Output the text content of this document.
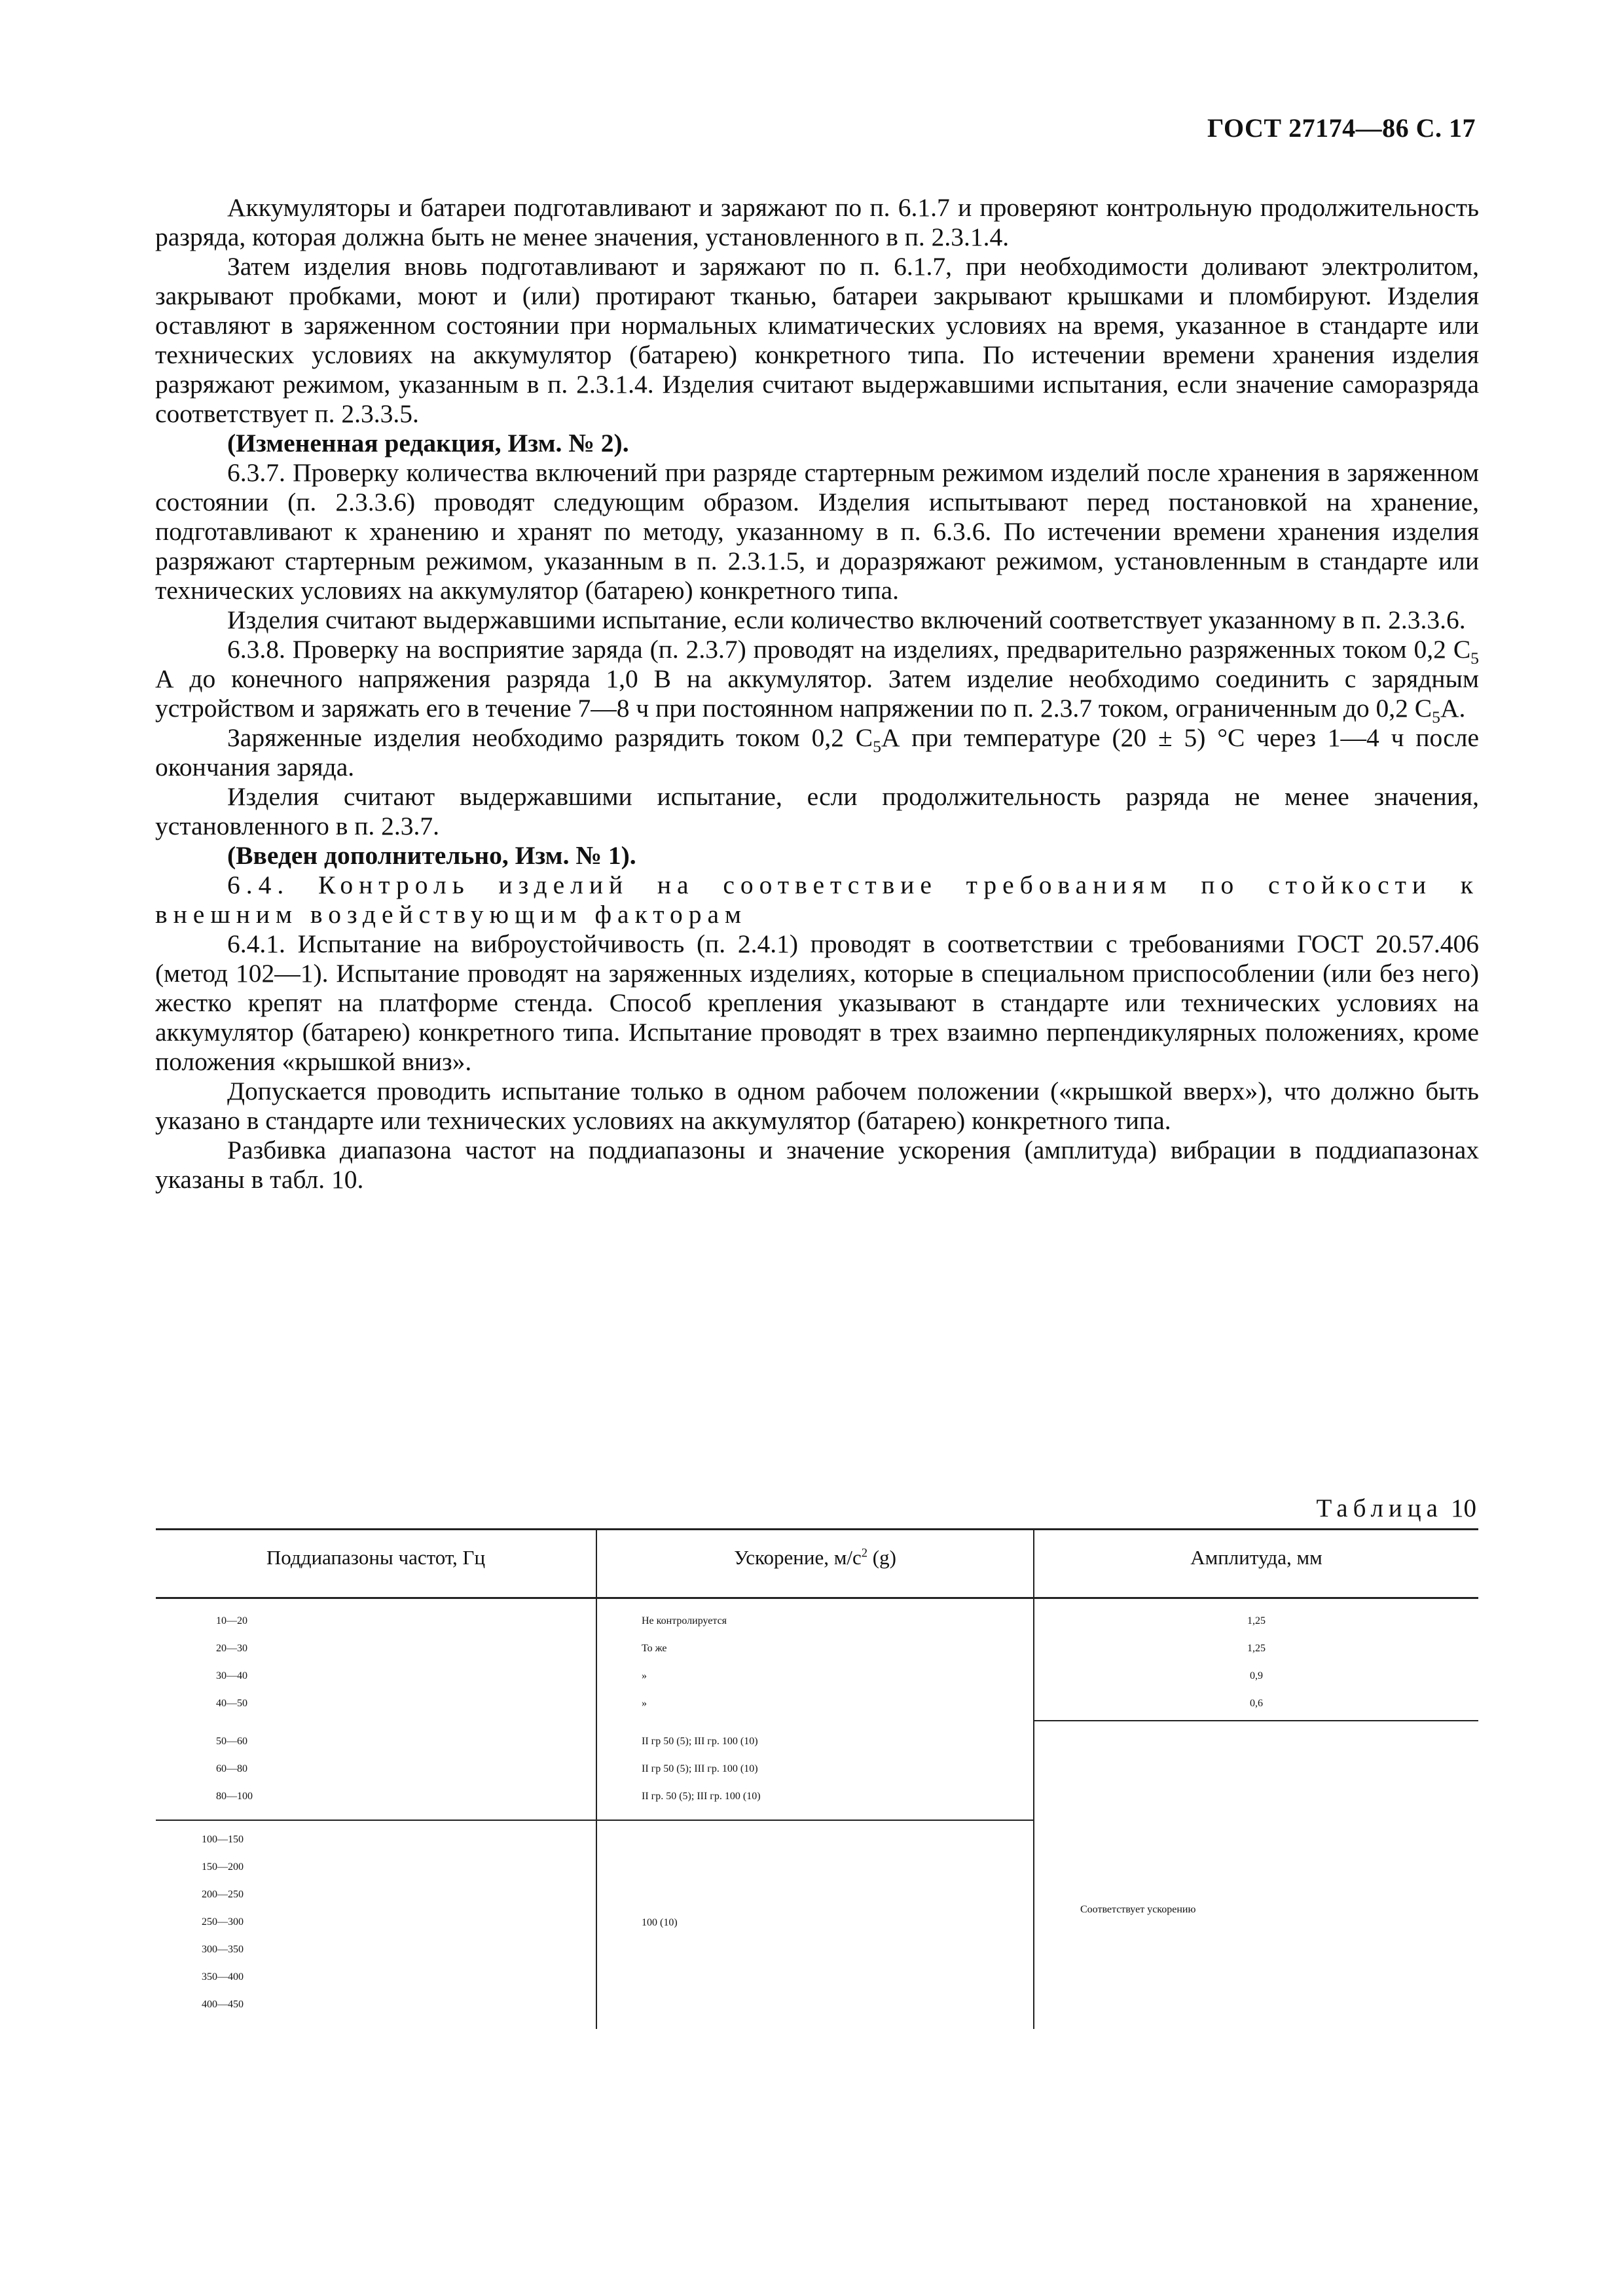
ГОСТ 27174—86 С. 17

Аккумуляторы и батареи подготавливают и заряжают по п. 6.1.7 и проверяют контрольную продолжительность разряда, которая должна быть не менее значения, установленного в п. 2.3.1.4.

Затем изделия вновь подготавливают и заряжают по п. 6.1.7, при необходимости доливают электролитом, закрывают пробками, моют и (или) протирают тканью, батареи закрывают крышками и пломбируют. Изделия оставляют в заряженном состоянии при нормальных климатических условиях на время, указанное в стандарте или технических условиях на аккумулятор (батарею) конкретного типа. По истечении времени хранения изделия разряжают режимом, указанным в п. 2.3.1.4. Изделия считают выдержавшими испытания, если значение саморазряда соответствует п. 2.3.3.5.

(Измененная редакция, Изм. № 2).

6.3.7. Проверку количества включений при разряде стартерным режимом изделий после хранения в заряженном состоянии (п. 2.3.3.6) проводят следующим образом. Изделия испытывают перед постановкой на хранение, подготавливают к хранению и хранят по методу, указанному в п. 6.3.6. По истечении времени хранения изделия разряжают стартерным режимом, указанным в п. 2.3.1.5, и доразряжают режимом, установленным в стандарте или технических условиях на аккумулятор (батарею) конкретного типа.

Изделия считают выдержавшими испытание, если количество включений соответствует указанному в п. 2.3.3.6.

6.3.8. Проверку на восприятие заряда (п. 2.3.7) проводят на изделиях, предварительно разряженных током 0,2 $C_5$ А до конечного напряжения разряда 1,0 В на аккумулятор. Затем изделие необходимо соединить с зарядным устройством и заряжать его в течение 7—8 ч при постоянном напряжении по п. 2.3.7 током, ограниченным до 0,2 $C_5А$.

Заряженные изделия необходимо разрядить током 0,2 $C_5А$ при температуре (20 ± 5) °С через 1—4 ч после окончания заряда.

Изделия считают выдержавшими испытание, если продолжительность разряда не менее значения, установленного в п. 2.3.7.

(Введен дополнительно, Изм. № 1).

6.4. Контроль изделий на соответствие требованиям по стойкости к внешним воздействующим факторам

6.4.1. Испытание на виброустойчивость (п. 2.4.1) проводят в соответствии с требованиями ГОСТ 20.57.406 (метод 102—1). Испытание проводят на заряженных изделиях, которые в специальном приспособлении (или без него) жестко крепят на платформе стенда. Способ крепления указывают в стандарте или технических условиях на аккумулятор (батарею) конкретного типа. Испытание проводят в трех взаимно перпендикулярных положениях, кроме положения «крышкой вниз».

Допускается проводить испытание только в одном рабочем положении («крышкой вверх»), что должно быть указано в стандарте или технических условиях на аккумулятор (батарею) конкретного типа.

Разбивка диапазона частот на поддиапазоны и значение ускорения (амплитуда) вибрации в поддиапазонах указаны в табл. 10.

Таблица 10
Поддиапазоны частот, Гц	Ускорение, $м/с^2$ (g)	Амплитуда, мм
10—20
20—30
30—40
40—50
50—60
60—80
80—100
100—150
150—200
200—250
250—300
300—350
350—400
400—450
Не контролируется
То же
»
»
II гр 50 (5); III гр. 100 (10)
II гр 50 (5); III гр. 100 (10)
II гр. 50 (5); III гр. 100 (10)
100 (10)
1,25
1,25
0,9
0,6
Соответствует ускорению
